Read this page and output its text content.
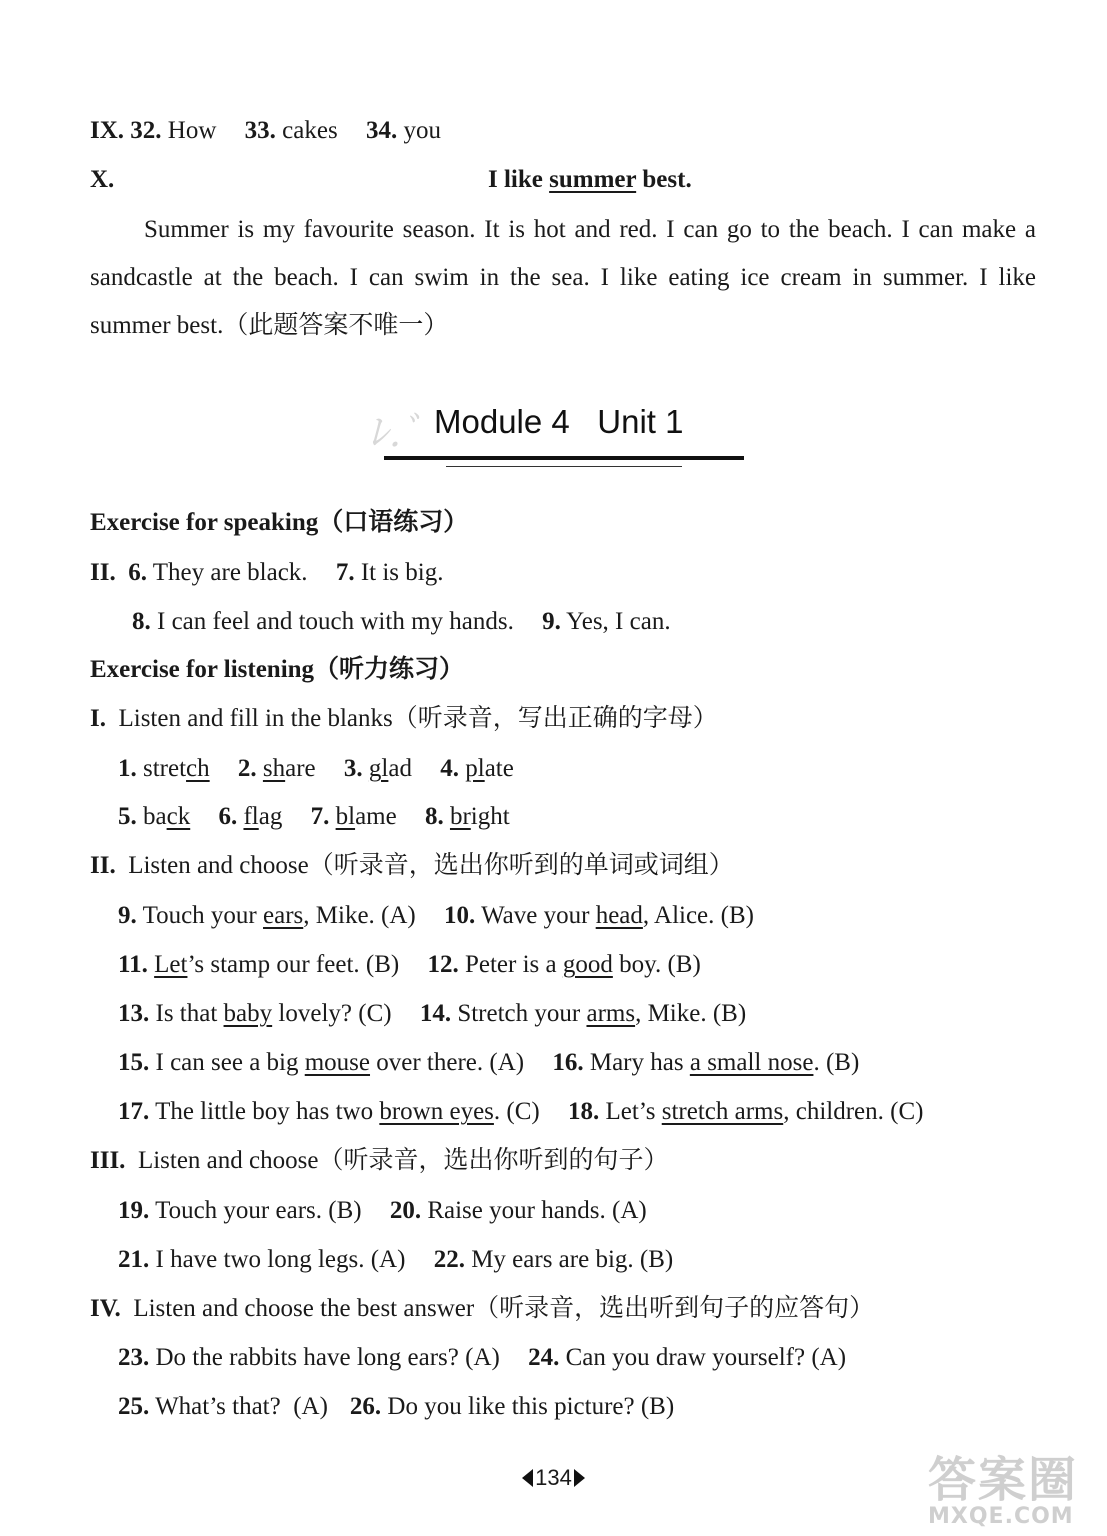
IX. 32. How 33. cakes 34. you
X.	I like summer best.
Summer is my favourite season. It is hot and red. I can go to the beach. I can make a sandcastle at the beach. I can swim in the sea. I like eating ice cream in summer. I like summer best.（此题答案不唯一）
ﾚ.ﾞ Module 4   Unit 1
Exercise for speaking（口语练习）
II. 6. They are black. 7. It is big.
8. I can feel and touch with my hands. 9. Yes, I can.
Exercise for listening（听力练习）
I. Listen and fill in the blanks（听录音，写出正确的字母）
1. stretch 2. share 3. glad 4. plate
5. back 6. flag 7. blame 8. bright
II. Listen and choose（听录音，选出你听到的单词或词组）
9. Touch your ears, Mike. (A) 10. Wave your head, Alice. (B)
11. Let’s stamp our feet. (B) 12. Peter is a good boy. (B)
13. Is that baby lovely? (C) 14. Stretch your arms, Mike. (B)
15. I can see a big mouse over there. (A) 16. Mary has a small nose. (B)
17. The little boy has two brown eyes. (C) 18. Let’s stretch arms, children. (C)
III. Listen and choose（听录音，选出你听到的句子）
19. Touch your ears. (B) 20. Raise your hands. (A)
21. I have two long legs. (A) 22. My ears are big. (B)
IV. Listen and choose the best answer（听录音，选出听到句子的应答句）
23. Do the rabbits have long ears? (A) 24. Can you draw yourself? (A)
25. What’s that?  (A) 26. Do you like this picture? (B)
134	答案圈
MXQE.COM
